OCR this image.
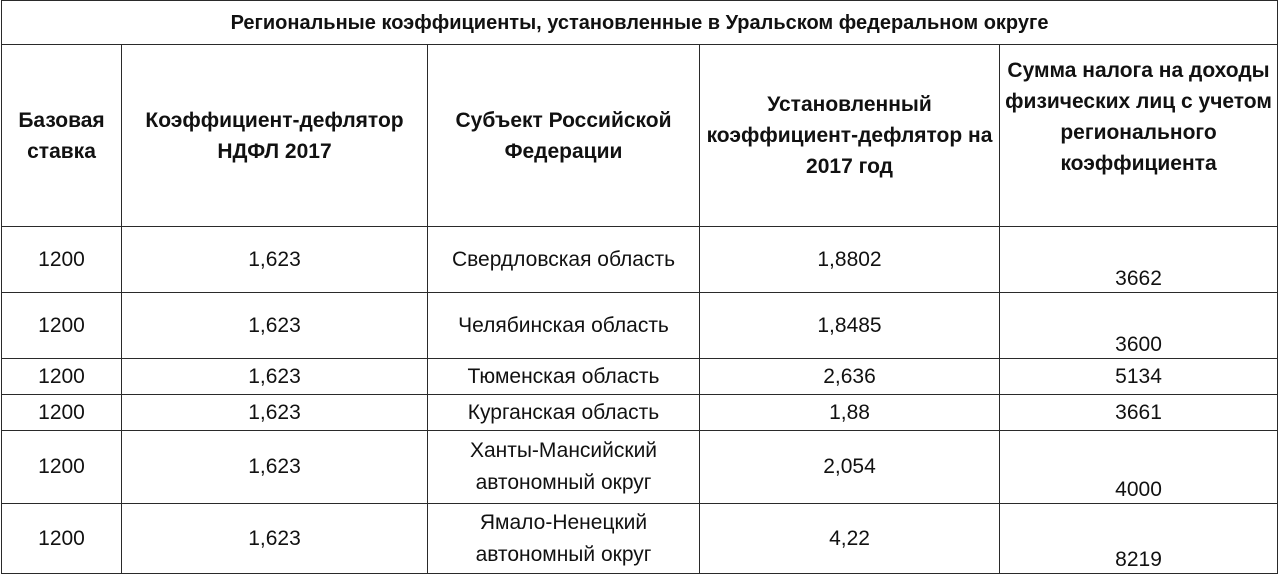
Региональные коэффициенты, установленные в Уральском федеральном округе				
Базовая ставка	Коэффициент-дефлятор НДФЛ 2017	Субъект Российской Федерации	Установленный коэффициент-дефлятор на 2017 год	Сумма налога на доходы физических лиц с учетом регионального коэффициента
1200	1,623	Свердловская область	1,8802	3662
1200	1,623	Челябинская область	1,8485	3600
1200	1,623	Тюменская область	2,636	5134
1200	1,623	Курганская область	1,88	3661
1200	1,623	Ханты-Мансийский автономный округ	2,054	4000
1200	1,623	Ямало-Ненецкий автономный округ	4,22	8219
